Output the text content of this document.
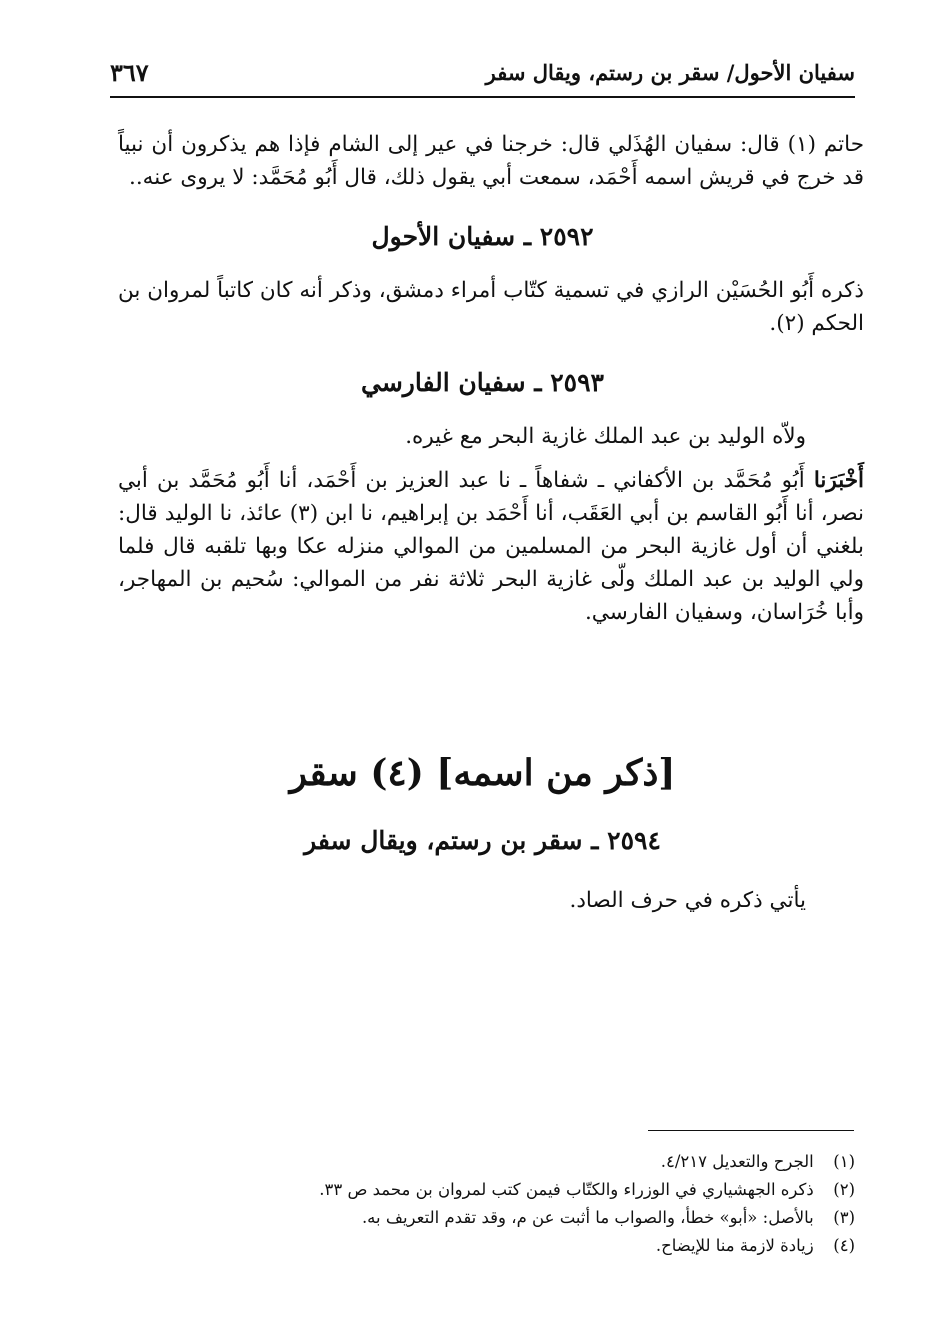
سفيان الأحول/ سقر بن رستم، ويقال سفر
٣٦٧
حاتم (١) قال: سفيان الهُذَلي قال: خرجنا في عير إلى الشام فإذا هم يذكرون أن نبياً قد خرج في قريش اسمه أَحْمَد، سمعت أبي يقول ذلك، قال أَبُو مُحَمَّد: لا يروى عنه..
٢٥٩٢ ـ سفيان الأحول
ذكره أَبُو الحُسَيْن الرازي في تسمية كتّاب أمراء دمشق، وذكر أنه كان كاتباً لمروان بن الحكم (٢).
٢٥٩٣ ـ سفيان الفارسي
ولاّه الوليد بن عبد الملك غازية البحر مع غيره.
أَخْبَرَنا أَبُو مُحَمَّد بن الأكفاني ـ شفاهاً ـ نا عبد العزيز بن أَحْمَد، أنا أَبُو مُحَمَّد بن أبي نصر، أنا أَبُو القاسم بن أبي العَقَب، أنا أَحْمَد بن إبراهيم، نا ابن (٣) عائذ، نا الوليد قال: بلغني أن أول غازية البحر من المسلمين من الموالي منزله عكا وبها تلقبه قال فلما ولي الوليد بن عبد الملك ولّى غازية البحر ثلاثة نفر من الموالي: سُحيم بن المهاجر، وأبا خُرَاسان، وسفيان الفارسي.
[ذكر من اسمه] (٤) سقر
٢٥٩٤ ـ سقر بن رستم، ويقال سفر
يأتي ذكره في حرف الصاد.
(١) الجرح والتعديل ٤/٢١٧.
(٢) ذكره الجهشياري في الوزراء والكتّاب فيمن كتب لمروان بن محمد ص ٣٣.
(٣) بالأصل: «أبو» خطأ، والصواب ما أثبت عن م، وقد تقدم التعريف به.
(٤) زيادة لازمة منا للإيضاح.
